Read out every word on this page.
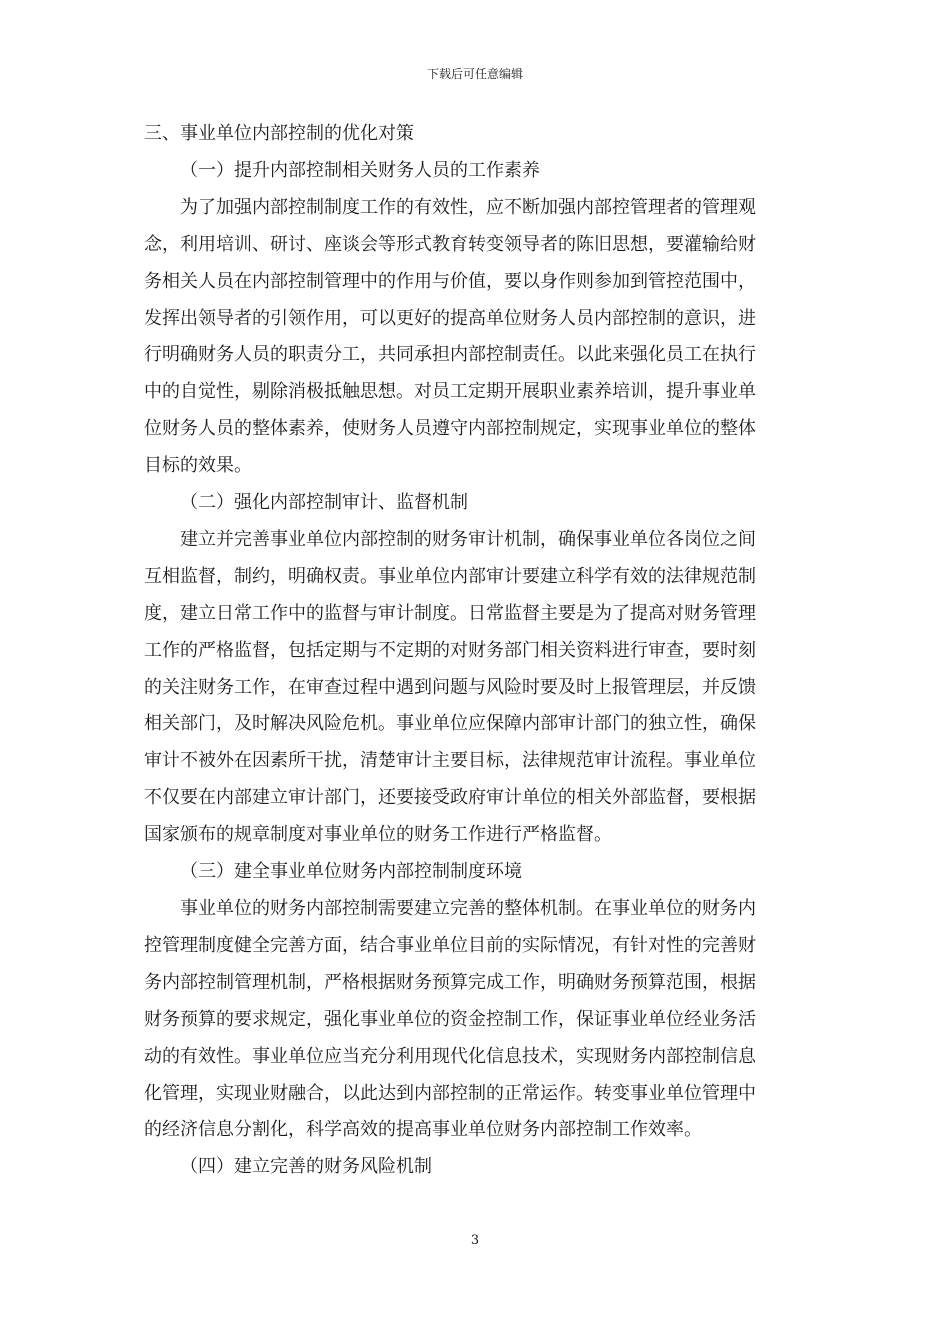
下载后可任意编辑
三、事业单位内部控制的优化对策
（一）提升内部控制相关财务人员的工作素养
为了加强内部控制制度工作的有效性，应不断加强内部控管理者的管理观
念，利用培训、研讨、座谈会等形式教育转变领导者的陈旧思想，要灌输给财
务相关人员在内部控制管理中的作用与价值，要以身作则参加到管控范围中，
发挥出领导者的引领作用，可以更好的提高单位财务人员内部控制的意识，进
行明确财务人员的职责分工，共同承担内部控制责任。以此来强化员工在执行
中的自觉性，剔除消极抵触思想。对员工定期开展职业素养培训，提升事业单
位财务人员的整体素养，使财务人员遵守内部控制规定，实现事业单位的整体
目标的效果。
（二）强化内部控制审计、监督机制
建立并完善事业单位内部控制的财务审计机制，确保事业单位各岗位之间
互相监督，制约，明确权责。事业单位内部审计要建立科学有效的法律规范制
度，建立日常工作中的监督与审计制度。日常监督主要是为了提高对财务管理
工作的严格监督，包括定期与不定期的对财务部门相关资料进行审查，要时刻
的关注财务工作，在审查过程中遇到问题与风险时要及时上报管理层，并反馈
相关部门，及时解决风险危机。事业单位应保障内部审计部门的独立性，确保
审计不被外在因素所干扰，清楚审计主要目标，法律规范审计流程。事业单位
不仅要在内部建立审计部门，还要接受政府审计单位的相关外部监督，要根据
国家颁布的规章制度对事业单位的财务工作进行严格监督。
（三）建全事业单位财务内部控制制度环境
事业单位的财务内部控制需要建立完善的整体机制。在事业单位的财务内
控管理制度健全完善方面，结合事业单位目前的实际情况，有针对性的完善财
务内部控制管理机制，严格根据财务预算完成工作，明确财务预算范围，根据
财务预算的要求规定，强化事业单位的资金控制工作，保证事业单位经业务活
动的有效性。事业单位应当充分利用现代化信息技术，实现财务内部控制信息
化管理，实现业财融合，以此达到内部控制的正常运作。转变事业单位管理中
的经济信息分割化，科学高效的提高事业单位财务内部控制工作效率。
（四）建立完善的财务风险机制
3
